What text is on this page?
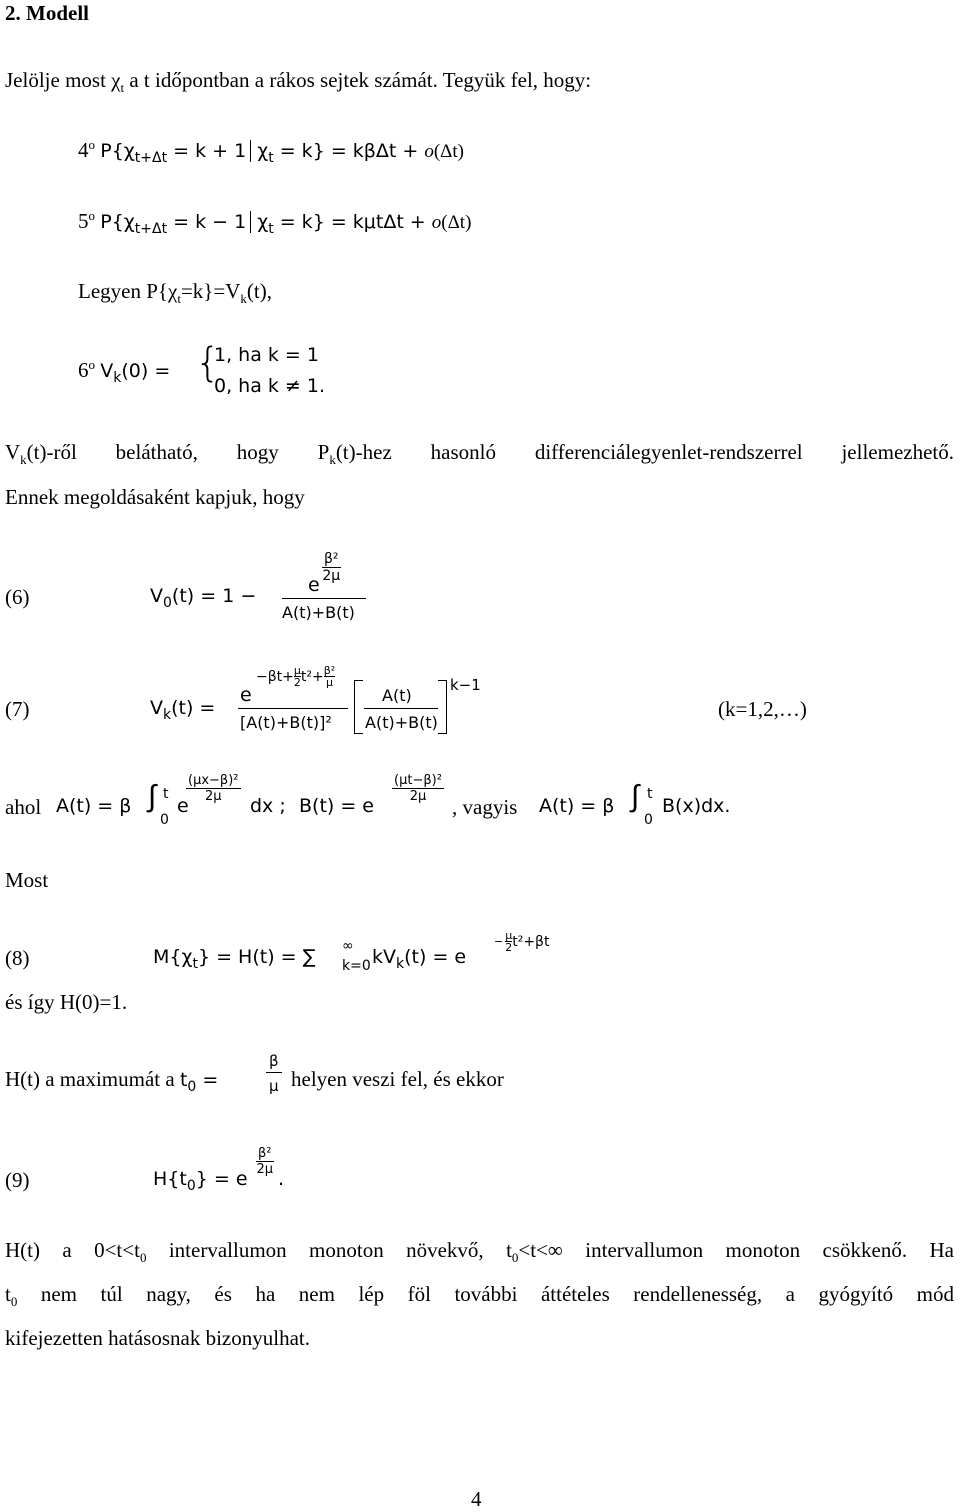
2. Modell
Jelölje most $\chi_t$ a t időpontban a rákos sejtek számát. Tegyük fel, hogy:
4$^o$ $P\{\chi_{t+\Delta t} = k + 1$ $\chi_t = k\} = k\beta\Delta t + o(\Delta t)$
5$^o$ $P\{\chi_{t+\Delta t} = k - 1$ $\chi_t = k\} = k\mu t\Delta t + o(\Delta t)$
Legyen $P\{\chi_t=k\}=V_k(t)$,
6$^o$ $V_k(0)$ = {
1, ha k = 1
0, ha k ≠ 1.
$V_k(t)$-ről belátható, hogy $P_k(t)$-hez hasonló differenciálegyenlet-rendszerrel jellemezhető.
Ennek megoldásaként kapjuk, hogy
(6)	$V_0(t) = 1$ −	e
$\frac{\text{β²}}{2\mu}$
A(t)+B(t)
(7)	$V_k(t)$ =
e
$-\beta t+ \frac{\mu}{2} t^2+ \frac{\text{β²}}{\mu}$
[A(t)+B(t)]²
A(t)
A(t)+B(t)
k−1
(k=1,2,…)
ahol A(t) = β ∫ t
0
e
$\frac{\text{(μx−β)²}}{2\mu}$
dx ; B(t) = e
$\frac{\text{(μt−β)²}}{2\mu}$
, vagyis A(t) = β ∫ t
0
B(x)dx.
Most
(8)	$M\{\chi_t\} = H(t)$ = ∑ ∞
k=0 $kV_k(t) = e$
− $\frac{\mu}{2} t^2+\beta t$
és így H(0)=1.
H(t) a maximumát a $t_0$ =	$\frac{\beta}{\mu}$ helyen veszi fel, és ekkor
(9)	$H\{t_0\} = e$
$\frac{\text{β²}}{2\mu}$
.
H(t) a $0<t<t_0$ intervallumon monoton növekvő, $t_0<t<\infty$ intervallumon monoton csökkenő. Ha
$t_0$ nem túl nagy, és ha nem lép föl további áttételes rendellenesség, a gyógyító mód
kifejezetten hatásosnak bizonyulhat.
4
